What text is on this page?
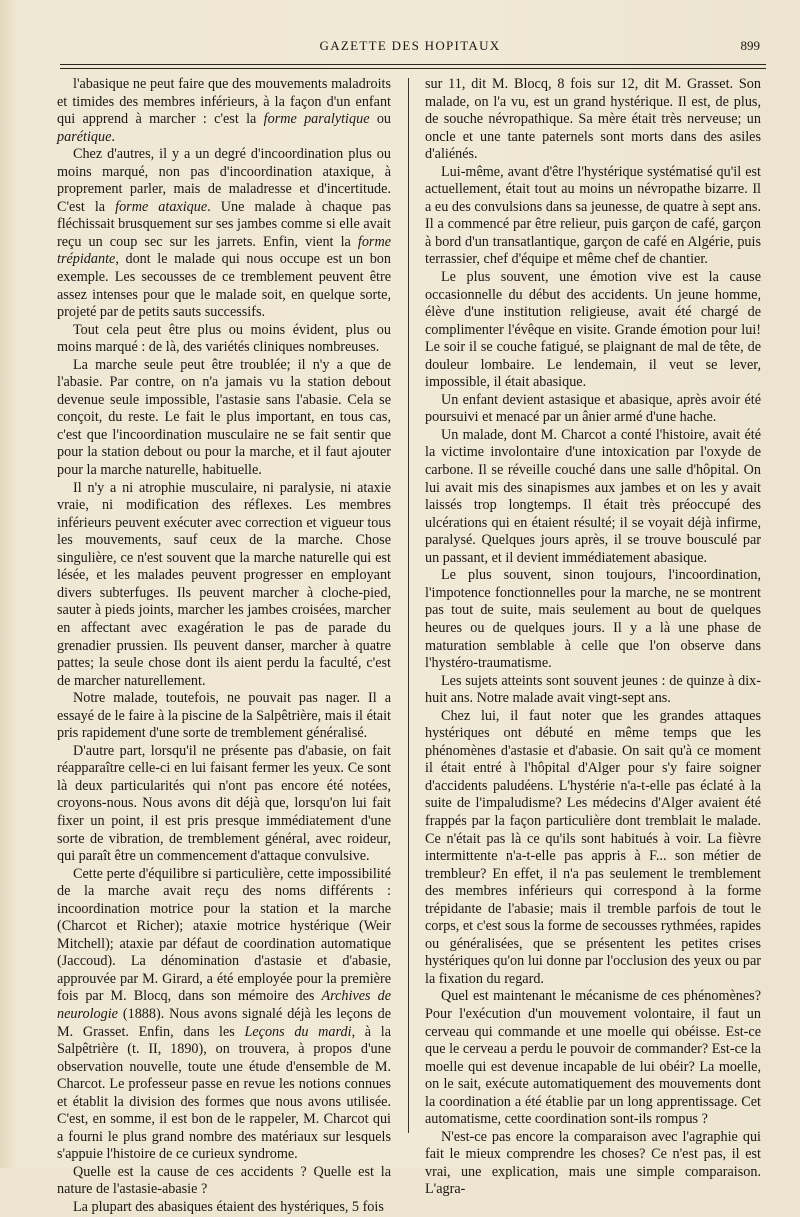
GAZETTE DES HOPITAUX	899

l'abasique ne peut faire que des mouvements maladroits et timides des membres inférieurs, à la façon d'un enfant qui apprend à marcher : c'est la forme paralytique ou parétique.

Chez d'autres, il y a un degré d'incoordination plus ou moins marqué, non pas d'incoordination ataxique, à proprement parler, mais de maladresse et d'incertitude. C'est la forme ataxique. Une malade à chaque pas fléchissait brusquement sur ses jambes comme si elle avait reçu un coup sec sur les jarrets. Enfin, vient la forme trépidante, dont le malade qui nous occupe est un bon exemple. Les secousses de ce tremblement peuvent être assez intenses pour que le malade soit, en quelque sorte, projeté par de petits sauts successifs.

Tout cela peut être plus ou moins évident, plus ou moins marqué : de là, des variétés cliniques nombreuses.

La marche seule peut être troublée; il n'y a que de l'abasie. Par contre, on n'a jamais vu la station debout devenue seule impossible, l'astasie sans l'abasie. Cela se conçoit, du reste. Le fait le plus important, en tous cas, c'est que l'incoordination musculaire ne se fait sentir que pour la station debout ou pour la marche, et il faut ajouter pour la marche naturelle, habituelle.

Il n'y a ni atrophie musculaire, ni paralysie, ni ataxie vraie, ni modification des réflexes. Les membres inférieurs peuvent exécuter avec correction et vigueur tous les mouvements, sauf ceux de la marche. Chose singulière, ce n'est souvent que la marche naturelle qui est lésée, et les malades peuvent progresser en employant divers subterfuges. Ils peuvent marcher à cloche-pied, sauter à pieds joints, marcher les jambes croisées, marcher en affectant avec exagération le pas de parade du grenadier prussien. Ils peuvent danser, marcher à quatre pattes; la seule chose dont ils aient perdu la faculté, c'est de marcher naturellement.

Notre malade, toutefois, ne pouvait pas nager. Il a essayé de le faire à la piscine de la Salpêtrière, mais il était pris rapidement d'une sorte de tremblement généralisé.

D'autre part, lorsqu'il ne présente pas d'abasie, on fait réapparaître celle-ci en lui faisant fermer les yeux. Ce sont là deux particularités qui n'ont pas encore été notées, croyons-nous. Nous avons dit déjà que, lorsqu'on lui fait fixer un point, il est pris presque immédiatement d'une sorte de vibration, de tremblement général, avec roideur, qui paraît être un commencement d'attaque convulsive.

Cette perte d'équilibre si particulière, cette impossibilité de la marche avait reçu des noms différents : incoordination motrice pour la station et la marche (Charcot et Richer); ataxie motrice hystérique (Weir Mitchell); ataxie par défaut de coordination automatique (Jaccoud). La dénomination d'astasie et d'abasie, approuvée par M. Girard, a été employée pour la première fois par M. Blocq, dans son mémoire des Archives de neurologie (1888). Nous avons signalé déjà les leçons de M. Grasset. Enfin, dans les Leçons du mardi, à la Salpêtrière (t. II, 1890), on trouvera, à propos d'une observation nouvelle, toute une étude d'ensemble de M. Charcot. Le professeur passe en revue les notions connues et établit la division des formes que nous avons utilisée. C'est, en somme, il est bon de le rappeler, M. Charcot qui a fourni le plus grand nombre des matériaux sur lesquels s'appuie l'histoire de ce curieux syndrome.

Quelle est la cause de ces accidents ? Quelle est la nature de l'astasie-abasie ?

La plupart des abasiques étaient des hystériques, 5 fois

sur 11, dit M. Blocq, 8 fois sur 12, dit M. Grasset. Son malade, on l'a vu, est un grand hystérique. Il est, de plus, de souche névropathique. Sa mère était très nerveuse; un oncle et une tante paternels sont morts dans des asiles d'aliénés.

Lui-même, avant d'être l'hystérique systématisé qu'il est actuellement, était tout au moins un névropathe bizarre. Il a eu des convulsions dans sa jeunesse, de quatre à sept ans. Il a commencé par être relieur, puis garçon de café, garçon à bord d'un transatlantique, garçon de café en Algérie, puis terrassier, chef d'équipe et même chef de chantier.

Le plus souvent, une émotion vive est la cause occasionnelle du début des accidents. Un jeune homme, élève d'une institution religieuse, avait été chargé de complimenter l'évêque en visite. Grande émotion pour lui! Le soir il se couche fatigué, se plaignant de mal de tête, de douleur lombaire. Le lendemain, il veut se lever, impossible, il était abasique.

Un enfant devient astasique et abasique, après avoir été poursuivi et menacé par un ânier armé d'une hache.

Un malade, dont M. Charcot a conté l'histoire, avait été la victime involontaire d'une intoxication par l'oxyde de carbone. Il se réveille couché dans une salle d'hôpital. On lui avait mis des sinapismes aux jambes et on les y avait laissés trop longtemps. Il était très préoccupé des ulcérations qui en étaient résulté; il se voyait déjà infirme, paralysé. Quelques jours après, il se trouve bousculé par un passant, et il devient immédiatement abasique.

Le plus souvent, sinon toujours, l'incoordination, l'impotence fonctionnelles pour la marche, ne se montrent pas tout de suite, mais seulement au bout de quelques heures ou de quelques jours. Il y a là une phase de maturation semblable à celle que l'on observe dans l'hystéro-traumatisme.

Les sujets atteints sont souvent jeunes : de quinze à dix-huit ans. Notre malade avait vingt-sept ans.

Chez lui, il faut noter que les grandes attaques hystériques ont débuté en même temps que les phénomènes d'astasie et d'abasie. On sait qu'à ce moment il était entré à l'hôpital d'Alger pour s'y faire soigner d'accidents paludéens. L'hystérie n'a-t-elle pas éclaté à la suite de l'impaludisme? Les médecins d'Alger avaient été frappés par la façon particulière dont tremblait le malade. Ce n'était pas là ce qu'ils sont habitués à voir. La fièvre intermittente n'a-t-elle pas appris à F... son métier de trembleur? En effet, il n'a pas seulement le tremblement des membres inférieurs qui correspond à la forme trépidante de l'abasie; mais il tremble parfois de tout le corps, et c'est sous la forme de secousses rythmées, rapides ou généralisées, que se présentent les petites crises hystériques qu'on lui donne par l'occlusion des yeux ou par la fixation du regard.

Quel est maintenant le mécanisme de ces phénomènes? Pour l'exécution d'un mouvement volontaire, il faut un cerveau qui commande et une moelle qui obéisse. Est-ce que le cerveau a perdu le pouvoir de commander? Est-ce la moelle qui est devenue incapable de lui obéir? La moelle, on le sait, exécute automatiquement des mouvements dont la coordination a été établie par un long apprentissage. Cet automatisme, cette coordination sont-ils rompus ?

N'est-ce pas encore la comparaison avec l'agraphie qui fait le mieux comprendre les choses? Ce n'est pas, il est vrai, une explication, mais une simple comparaison. L'agra-
